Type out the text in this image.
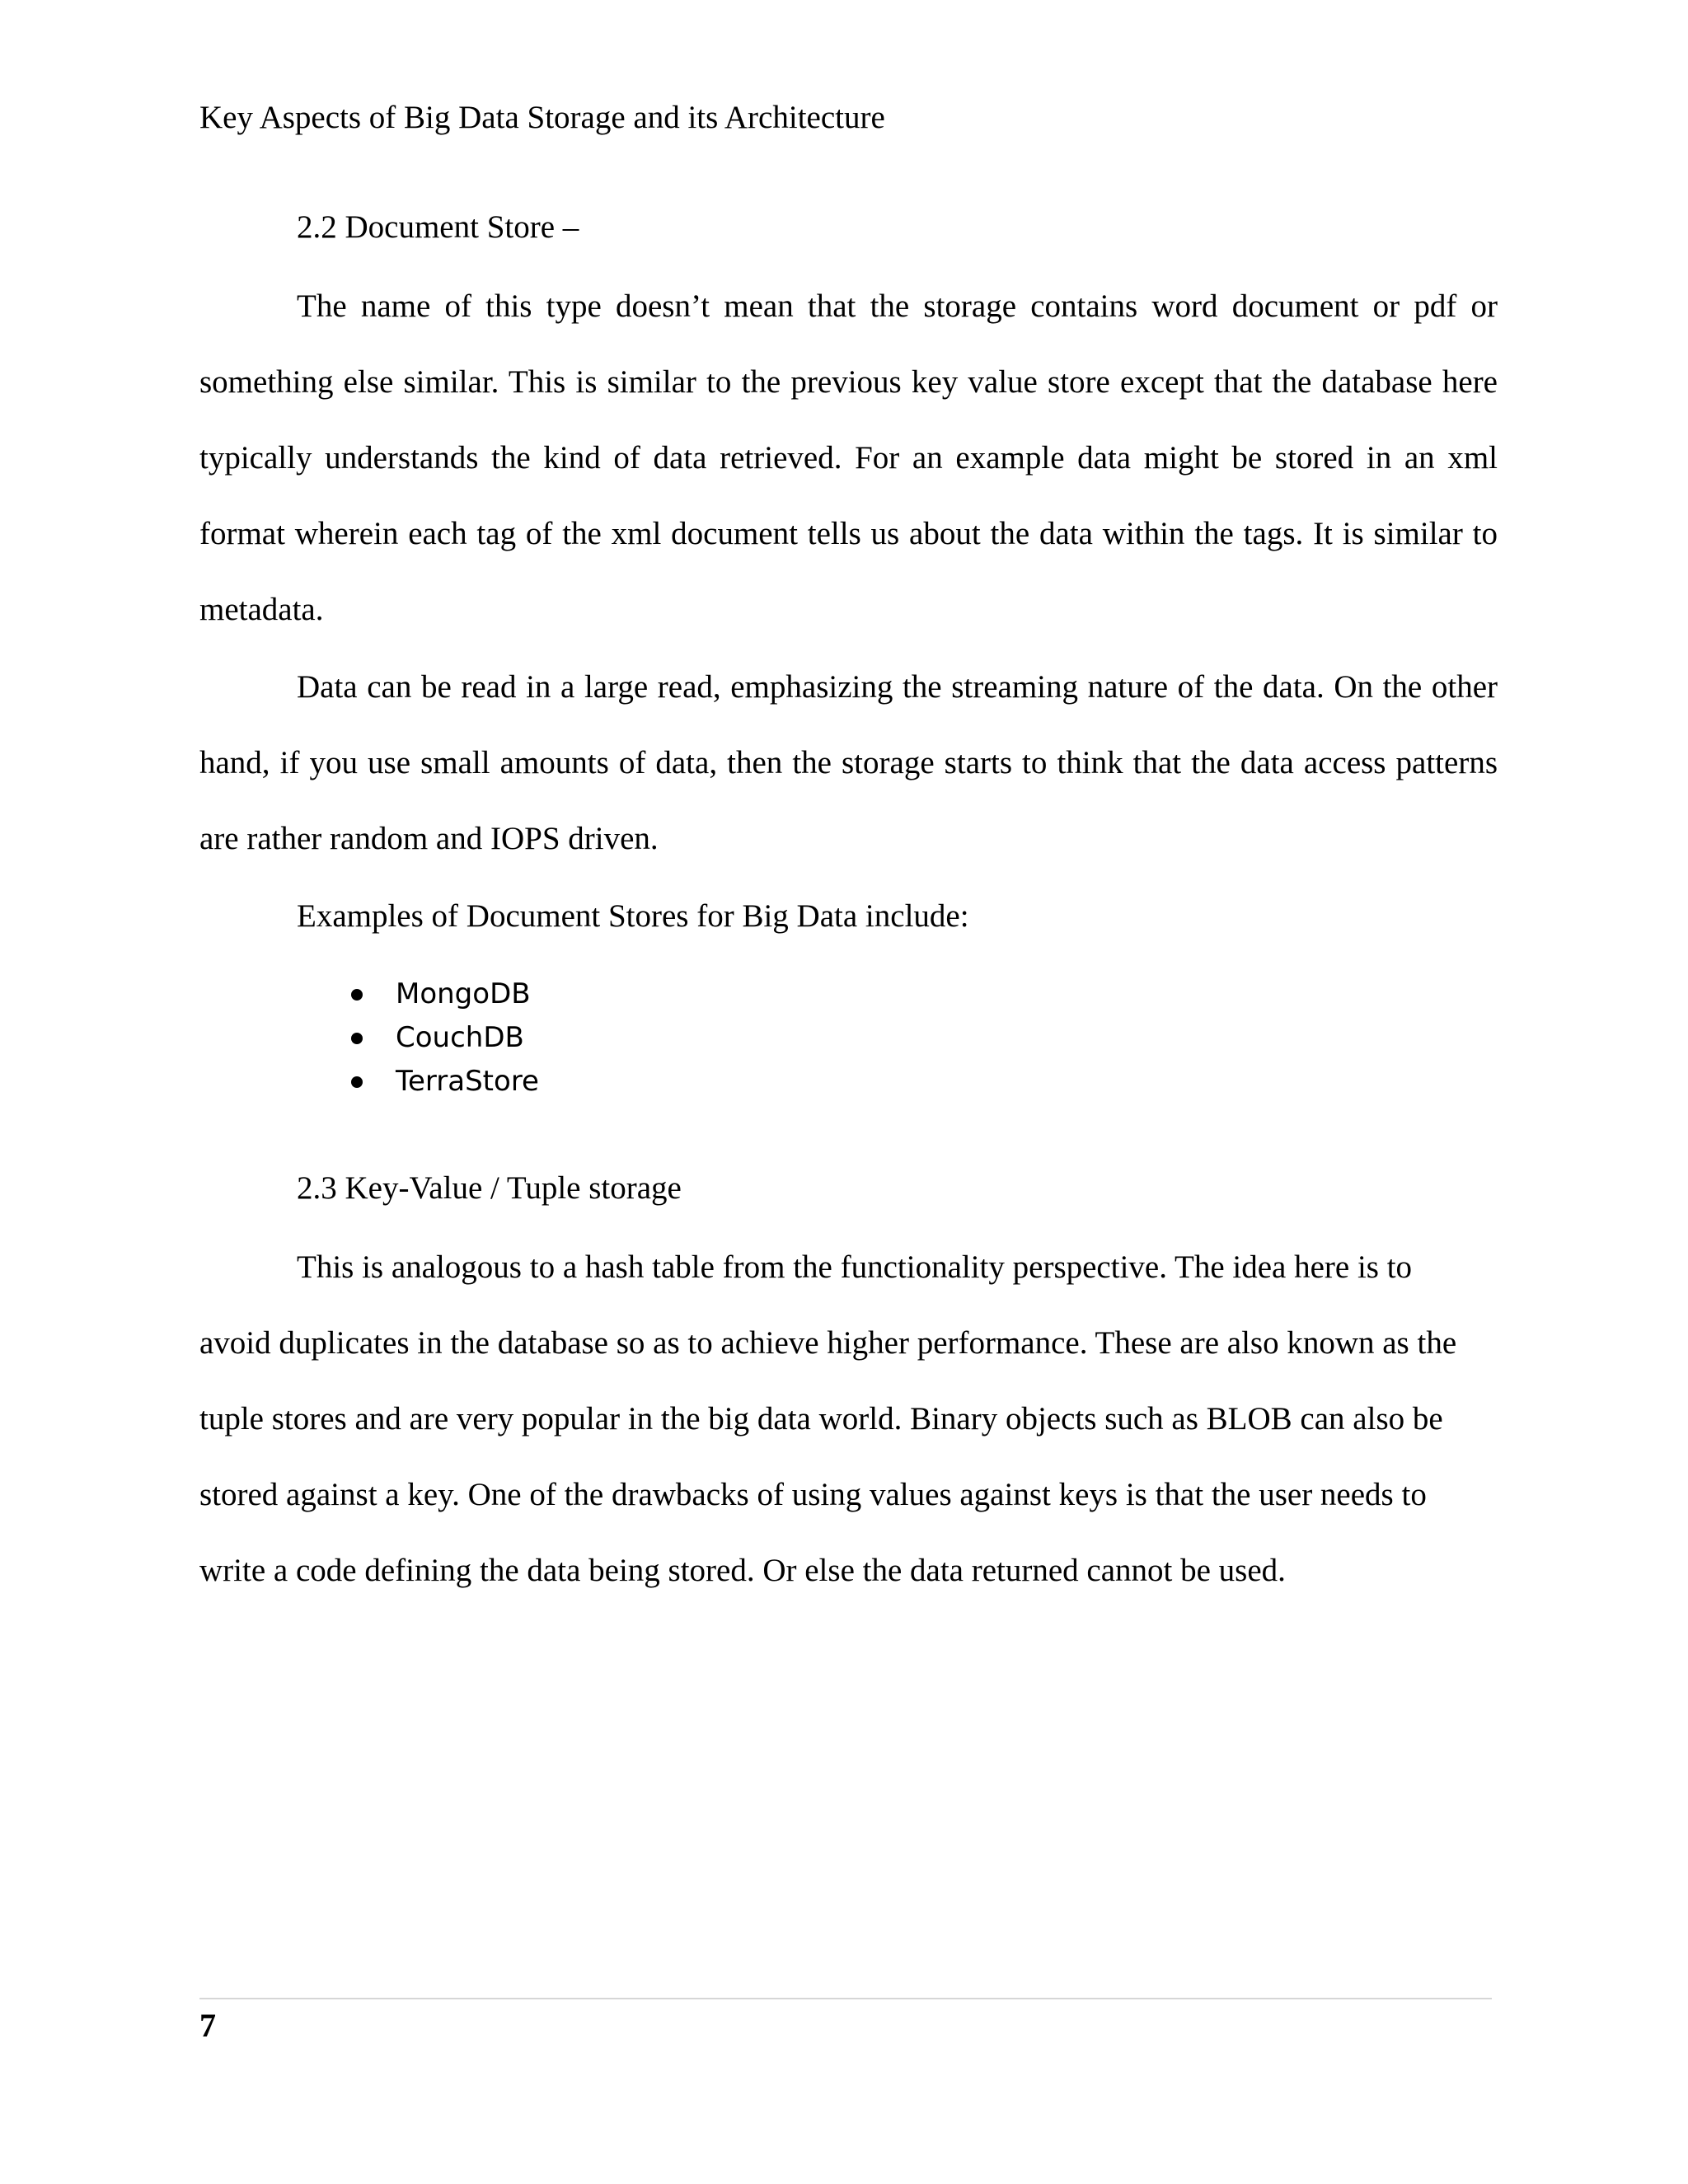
Key Aspects of Big Data Storage and its Architecture
2.2 Document Store –

The name of this type doesn’t mean that the storage contains word document or pdf or something else similar. This is similar to the previous key value store except that the database here typically understands the kind of data retrieved. For an example data might be stored in an xml format wherein each tag of the xml document tells us about the data within the tags. It is similar to metadata.

Data can be read in a large read, emphasizing the streaming nature of the data. On the other hand, if you use small amounts of data, then the storage starts to think that the data access patterns are rather random and IOPS driven.

Examples of Document Stores for Big Data include:

MongoDB
CouchDB
TerraStore
2.3 Key-Value / Tuple storage

This is analogous to a hash table from the functionality perspective. The idea here is to avoid duplicates in the database so as to achieve higher performance. These are also known as the tuple stores and are very popular in the big data world. Binary objects such as BLOB can also be stored against a key. One of the drawbacks of using values against keys is that the user needs to write a code defining the data being stored. Or else the data returned cannot be used.

7
